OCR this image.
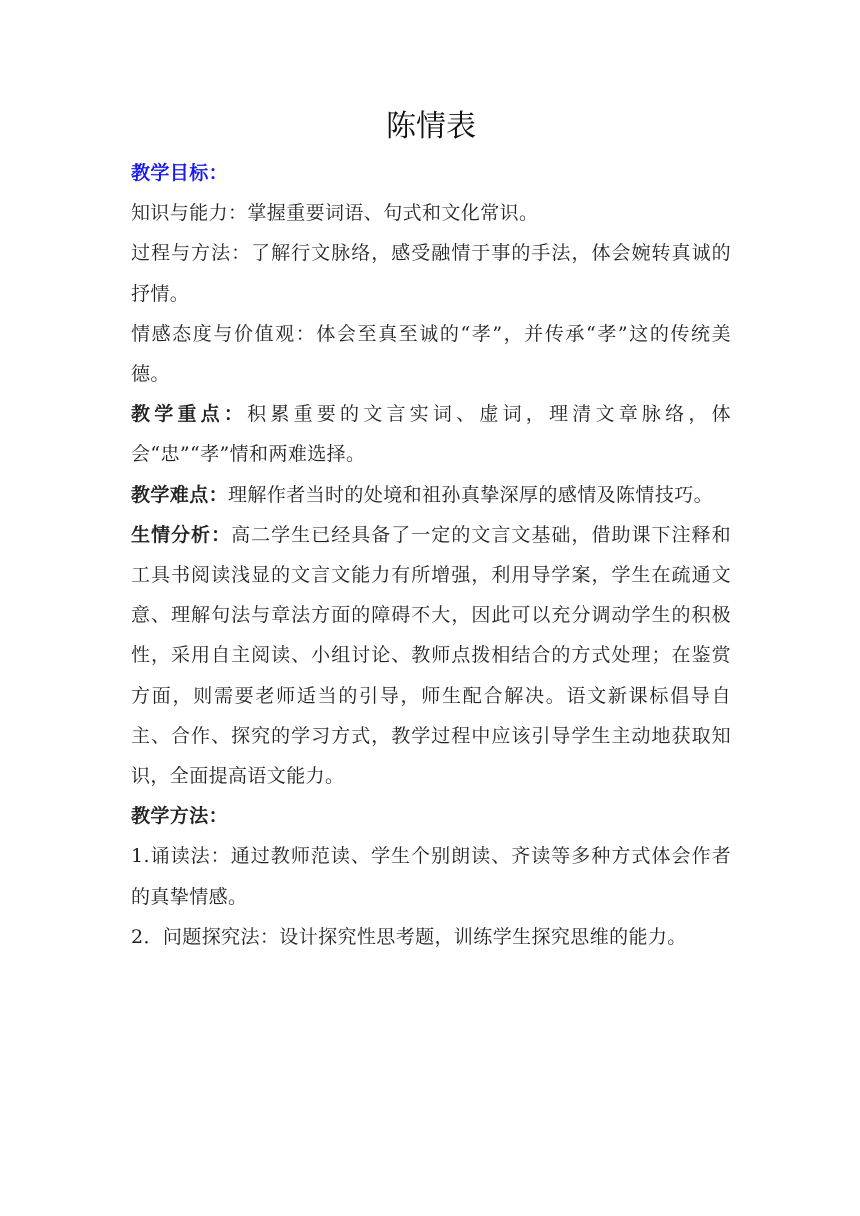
陈情表

教学目标：

知识与能力：掌握重要词语、句式和文化常识。

过程与方法：了解行文脉络，感受融情于事的手法，体会婉转真诚的抒情。

情感态度与价值观：体会至真至诚的“孝”，并传承“孝”这的传统美德。

教学重点：积累重要的文言实词、虚词，理清文章脉络，体会“忠”“孝”情和两难选择。

教学难点：理解作者当时的处境和祖孙真挚深厚的感情及陈情技巧。

生情分析：高二学生已经具备了一定的文言文基础，借助课下注释和工具书阅读浅显的文言文能力有所增强，利用导学案，学生在疏通文意、理解句法与章法方面的障碍不大，因此可以充分调动学生的积极性，采用自主阅读、小组讨论、教师点拨相结合的方式处理；在鉴赏方面，则需要老师适当的引导，师生配合解决。语文新课标倡导自主、合作、探究的学习方式，教学过程中应该引导学生主动地获取知识，全面提高语文能力。

教学方法：

1.诵读法：通过教师范读、学生个别朗读、齐读等多种方式体会作者的真挚情感。

2．问题探究法：设计探究性思考题，训练学生探究思维的能力。
